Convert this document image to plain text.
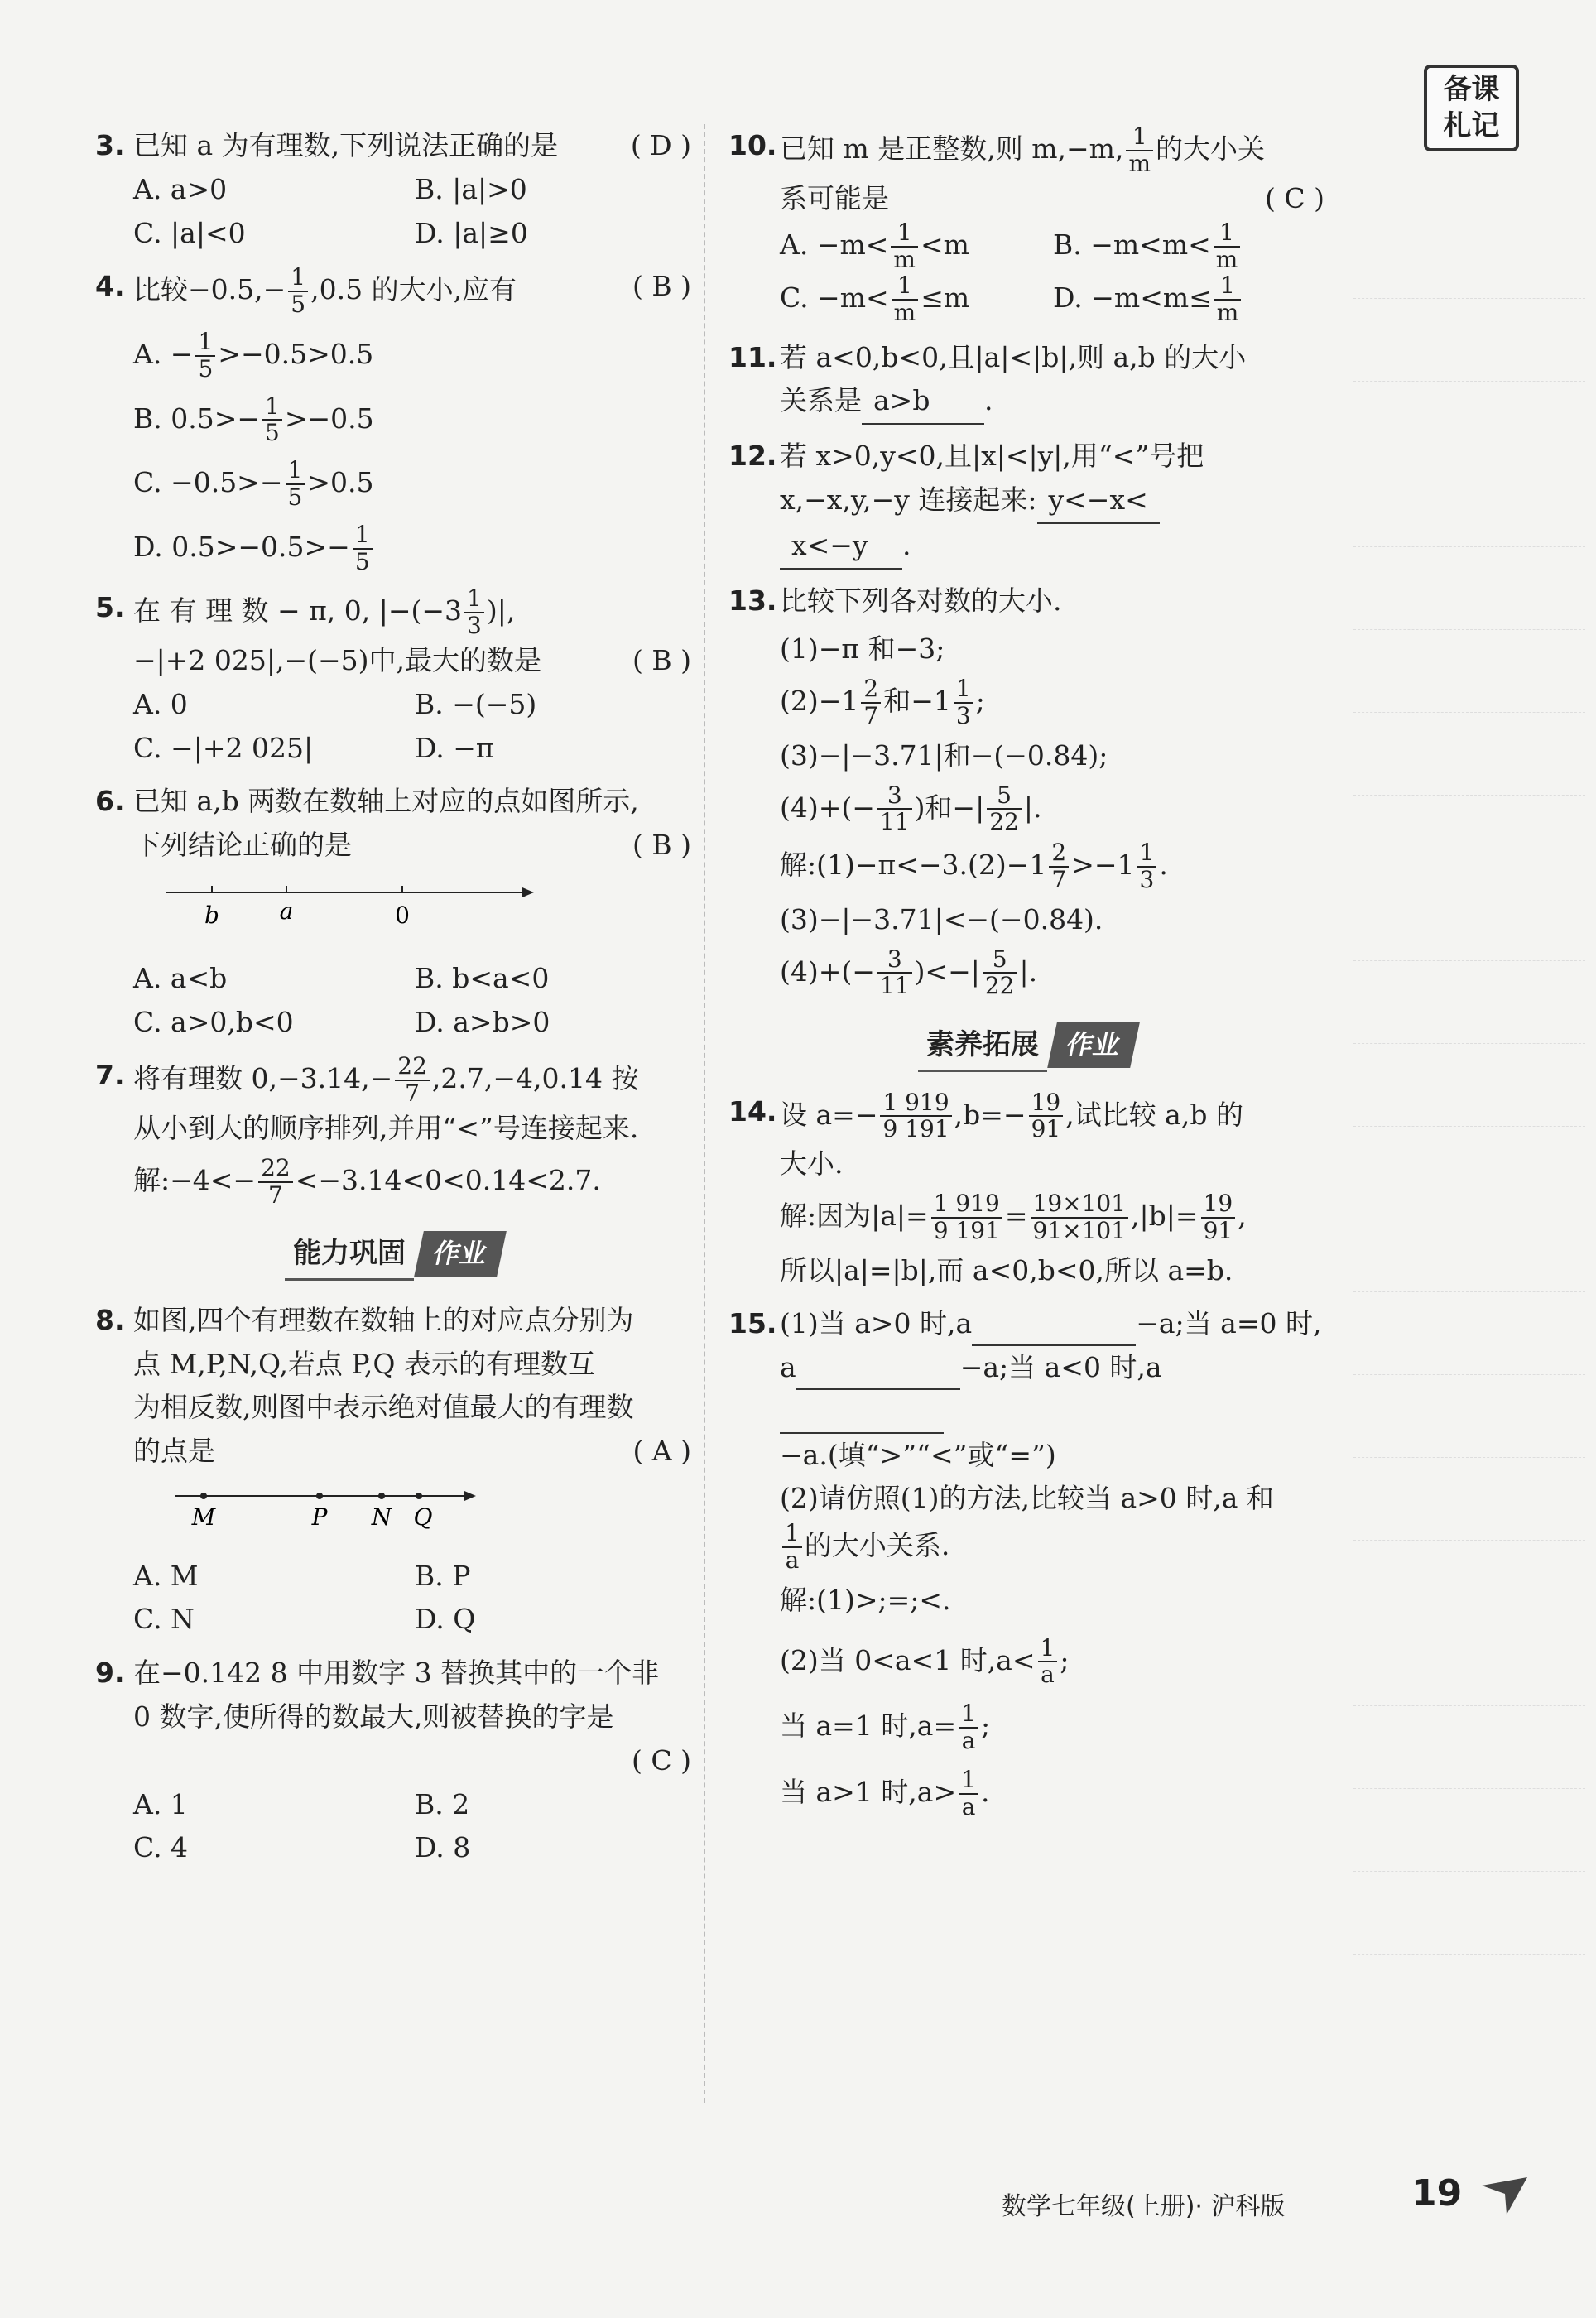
备课
札记
3. 已知 a 为有理数,下列说法正确的是	( D )
A. a>0	B. |a|>0
C. |a|<0	D. |a|≥0
4. 比较$-0.5,- \frac{1}{5} ,0.5$ 的大小,应有	( B )
A. − $\frac{1}{5} >-0.5>0.5$
B. $0.5>- \frac{1}{5} >-0.5$
C. $-0.5>- \frac{1}{5} >0.5$
D. $0.5>-0.5>- \frac{1}{5}$
5. 在 有 理 数 − π, 0, $|-(-3 \frac{1}{3}$ )|,
−|+2 025|,−(−5)中,最大的数是	( B )
A. 0	B. −(−5)
C. −|+2 025|	D. −π
6. 已知 a,b 两数在数轴上对应的点如图所示,
下列结论正确的是	( B )
b	a	0
A. a<b	B. b<a<0
C. a>0,b<0	D. a>b>0
7. 将有理数 $0,-3.14,- \frac{22}{7} ,2.7,-4,0.14$ 按
从小到大的顺序排列,并用“<”号连接起来.
解:−4<− $\frac{22}{7} <-3.14<0<0.14<2.7$.
能力巩固 作业
8. 如图,四个有理数在数轴上的对应点分别为
点 M,P,N,Q,若点 P,Q 表示的有理数互
为相反数,则图中表示绝对值最大的有理数
的点是	( A )
M	P N Q
A. M	B. P
C. N	D. Q
9. 在−0.142 8 中用数字 3 替换其中的一个非
0 数字,使所得的数最大,则被替换的字是
( C )

A. 1	B. 2
C. 4	D. 8
10. 已知 m 是正整数,则 m,−m, $\frac{1}{m}$ 的大小关
系可能是	( C )
A. $-m< \frac{1}{m} <m$	B. $-m<m< \frac{1}{m}$
C. $-m< \frac{1}{m} \le m$	D. $-m<m\le \frac{1}{m}$
11. 若 a<0,b<0,且|a|<|b|,则 a,b 的大小
关系是 a>b .
12. 若 x>0,y<0,且|x|<|y|,用“<”号把
x,−x,y,−y 连接起来: y<−x<
x<−y .
13. 比较下列各对数的大小.
(1)−π 和−3;
$(2)-1 \frac{2}{7}$ 和$-1 \frac{1}{3}$ ;
(3)−|−3.71|和−(−0.84);
$(4)+(- \frac{3}{11}$ )和−| $\frac{5}{22}$ |.
解:(1)−π<−3.(2)−1 $\frac{2}{7} >-1 \frac{1}{3}$ .
(3)−|−3.71|<−(−0.84).
$(4)+(- \frac{3}{11}$ )<−| $\frac{5}{22}$ |.
素养拓展 作业
14. 设 $a=- \frac{1 919}{9 191} ,b=- \frac{19}{91}$ ,试比较 a,b 的
大小.
解:因为$|a|= \frac{1 919}{9 191} = \frac{19\times 101}{91\times 101} ,|b|= \frac{19}{91}$ ,
所以|a|=|b|,而 a<0,b<0,所以 a=b.
15. (1)当 a>0 时,a	−a;当 a=0 时,
a	−a;当 a<0 时,a
−a.(填“>”“<”或“=”)
(2)请仿照(1)的方法,比较当 a>0 时,a 和
$\frac{1}{a}$ 的大小关系.
解:(1)>;=;<.
(2)当 0<a<1 时$,a< \frac{1}{a}$ ;
当 a=1 时$,a= \frac{1}{a}$ ;
当 a>1 时$,a> \frac{1}{a}$ .
数学七年级(上册)· 沪科版	19
